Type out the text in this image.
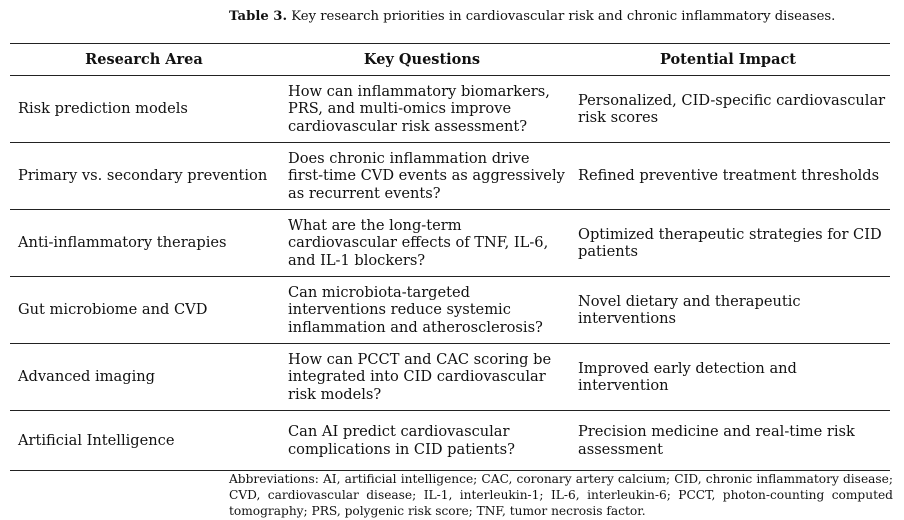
Table 3. Key research priorities in cardiovascular risk and chronic inflammatory diseases.
Research Area	Key Questions	Potential Impact
Risk prediction models	How can inflammatory biomarkers, PRS, and multi-omics improve cardiovascular risk assessment?	Personalized, CID-specific cardiovascular risk scores
Primary vs. secondary prevention	Does chronic inflammation drive first-time CVD events as aggressively as recurrent events?	Refined preventive treatment thresholds
Anti-inflammatory therapies	What are the long-term cardiovascular effects of TNF, IL-6, and IL-1 blockers?	Optimized therapeutic strategies for CID patients
Gut microbiome and CVD	Can microbiota-targeted interventions reduce systemic inflammation and atherosclerosis?	Novel dietary and therapeutic interventions
Advanced imaging	How can PCCT and CAC scoring be integrated into CID cardiovascular risk models?	Improved early detection and intervention
Artificial Intelligence	Can AI predict cardiovascular complications in CID patients?	Precision medicine and real-time risk assessment
Abbreviations: AI, artificial intelligence; CAC, coronary artery calcium; CID, chronic inflammatory disease; CVD, cardiovascular disease; IL-1, interleukin-1; IL-6, interleukin-6; PCCT, photon-counting computed tomography; PRS, polygenic risk score; TNF, tumor necrosis factor.
